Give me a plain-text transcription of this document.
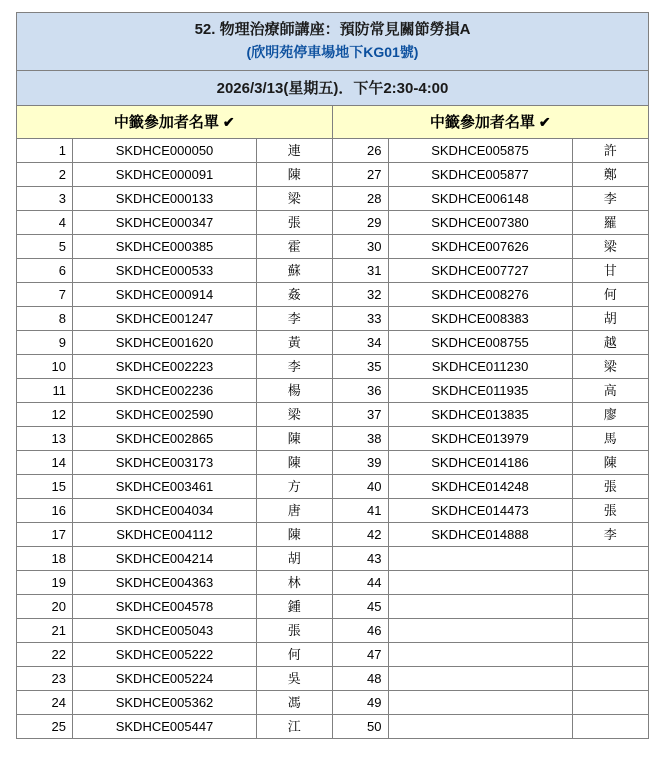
52. 物理治療師講座：預防常見關節勞損A
(欣明苑停車場地下KG01號)
2026/3/13(星期五)．下午2:30-4:00
中籤參加者名單 ✔	中籤參加者名單 ✔
1	SKDHCE000050	連	26	SKDHCE005875	許
2	SKDHCE000091	陳	27	SKDHCE005877	鄭
3	SKDHCE000133	梁	28	SKDHCE006148	李
4	SKDHCE000347	張	29	SKDHCE007380	羅
5	SKDHCE000385	霍	30	SKDHCE007626	梁
6	SKDHCE000533	蘇	31	SKDHCE007727	甘
7	SKDHCE000914	姦	32	SKDHCE008276	何
8	SKDHCE001247	李	33	SKDHCE008383	胡
9	SKDHCE001620	黃	34	SKDHCE008755	越
10	SKDHCE002223	李	35	SKDHCE011230	梁
11	SKDHCE002236	楊	36	SKDHCE011935	高
12	SKDHCE002590	梁	37	SKDHCE013835	廖
13	SKDHCE002865	陳	38	SKDHCE013979	馬
14	SKDHCE003173	陳	39	SKDHCE014186	陳
15	SKDHCE003461	方	40	SKDHCE014248	張
16	SKDHCE004034	唐	41	SKDHCE014473	張
17	SKDHCE004112	陳	42	SKDHCE014888	李
18	SKDHCE004214	胡	43
19	SKDHCE004363	林	44
20	SKDHCE004578	鍾	45
21	SKDHCE005043	張	46
22	SKDHCE005222	何	47
23	SKDHCE005224	吳	48
24	SKDHCE005362	馮	49
25	SKDHCE005447	江	50
